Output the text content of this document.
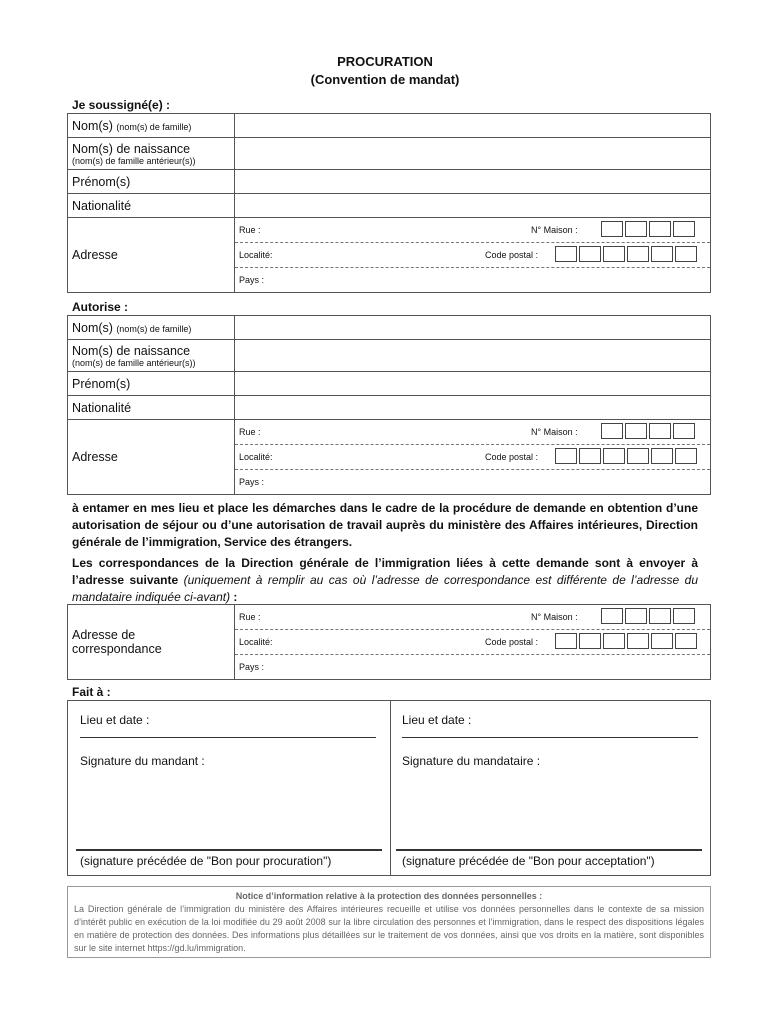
PROCURATION
(Convention de mandat)
Je soussigné(e) :
Nom(s) (nom(s) de famille)	
Nom(s) de naissance
(nom(s) de famille antérieur(s))	

Prénom(s)	
Nationalité	
Adresse	Rue : N° Maison :
Localité: Code postal :
Pays :
Autorise :
Nom(s) (nom(s) de famille)	
Nom(s) de naissance
(nom(s) de famille antérieur(s))	

Prénom(s)	
Nationalité	
Adresse	Rue : N° Maison :
Localité: Code postal :
Pays :
à entamer en mes lieu et place les démarches dans le cadre de la procédure de demande en obtention d’une autorisation de séjour ou d’une autorisation de travail auprès du ministère des Affaires intérieures, Direction générale de l’immigration, Service des étrangers.
Les correspondances de la Direction générale de l’immigration liées à cette demande sont à envoyer à l’adresse suivante (uniquement à remplir au cas où l’adresse de correspondance est différente de l’adresse du mandataire indiquée ci-avant) :
Adresse de
correspondance

Rue :	N° Maison :
Localité:	Code postal :
Pays :
Fait à :
Lieu et date :
Signature du mandant :
(signature précédée de "Bon pour procuration")
Lieu et date :
Signature du mandataire :
(signature précédée de "Bon pour acceptation")
Notice d’information relative à la protection des données personnelles :
La Direction générale de l’immigration du ministère des Affaires intérieures recueille et utilise vos données personnelles dans le contexte de sa mission d’intérêt public en exécution de la loi modifiée du 29 août 2008 sur la libre circulation des personnes et l’immigration, dans le respect des dispositions légales en matière de protection des données. Des informations plus détaillées sur le traitement de vos données, ainsi que vos droits en la matière, sont disponibles sur le site internet https://gd.lu/immigration.
